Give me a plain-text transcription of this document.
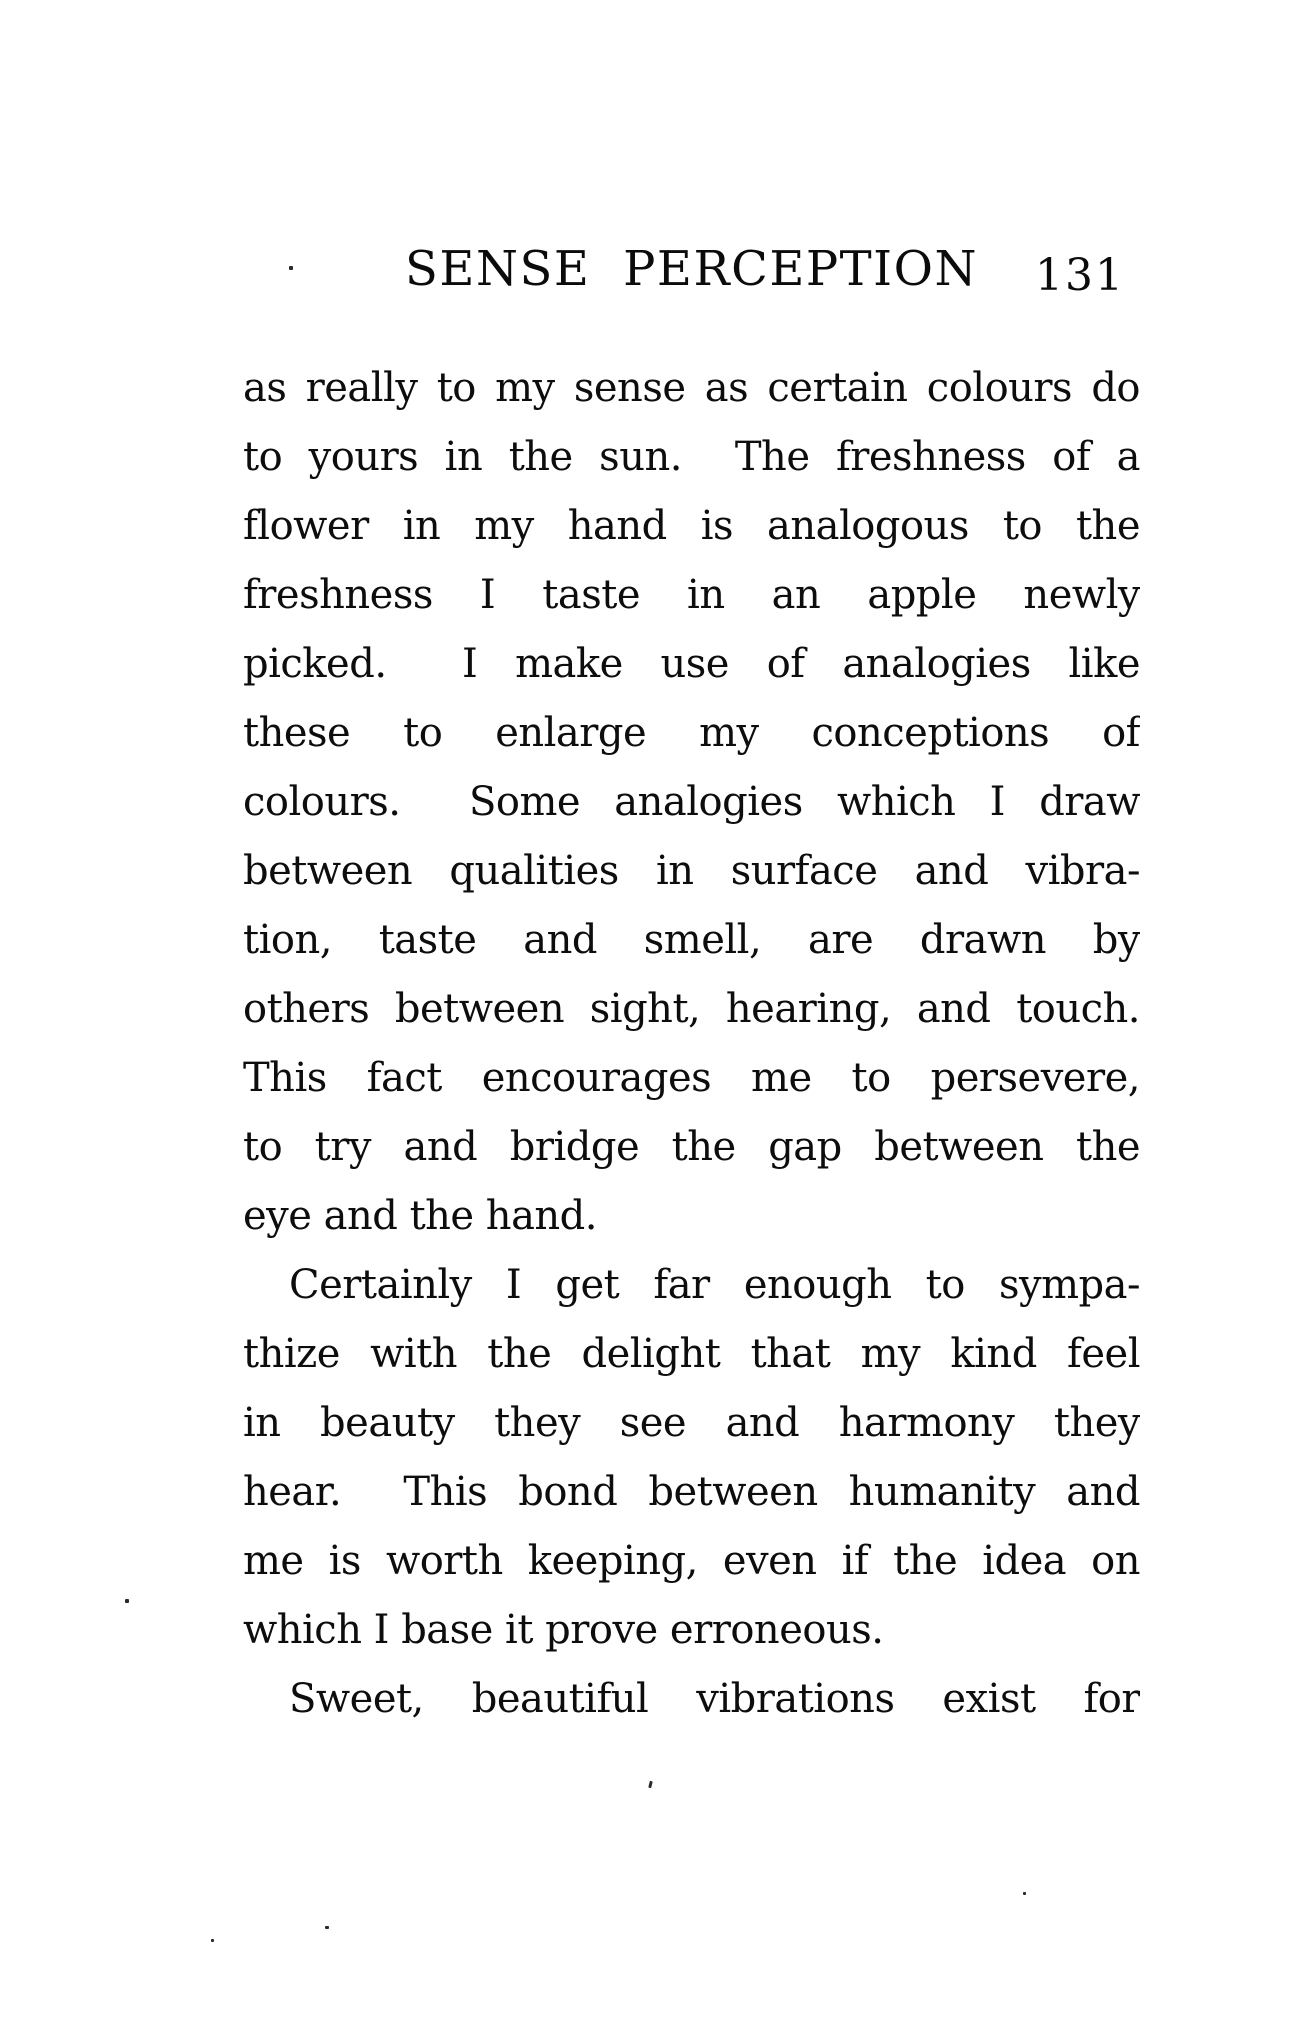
SENSE PERCEPTION	131
as really to my sense as certain colours do
to yours in the sun.  The freshness of a
flower in my hand is analogous to the
freshness I taste in an apple newly
picked.  I make use of analogies like
these to enlarge my conceptions of
colours.  Some analogies which I draw
between qualities in surface and vibra-
tion, taste and smell, are drawn by
others between sight, hearing, and touch.
This fact encourages me to persevere,
to try and bridge the gap between the
eye and the hand.
Certainly I get far enough to sympa-
thize with the delight that my kind feel
in beauty they see and harmony they
hear.  This bond between humanity and
me is worth keeping, even if the idea on
which I base it prove erroneous.
Sweet, beautiful vibrations exist for
